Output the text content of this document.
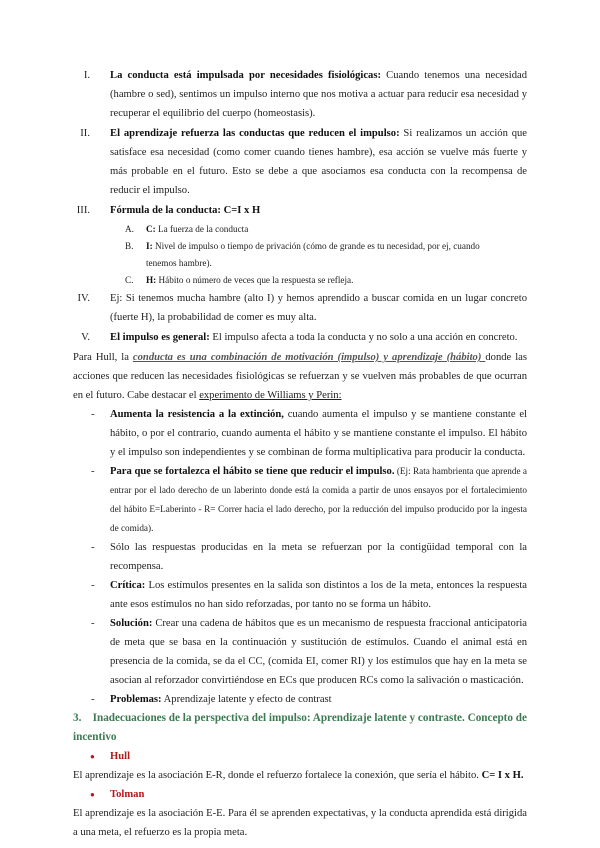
I. La conducta está impulsada por necesidades fisiológicas: Cuando tenemos una necesidad (hambre o sed), sentimos un impulso interno que nos motiva a actuar para reducir esa necesidad y recuperar el equilibrio del cuerpo (homeostasis).
II. El aprendizaje refuerza las conductas que reducen el impulso: Si realizamos un acción que satisface esa necesidad (como comer cuando tienes hambre), esa acción se vuelve más fuerte y más probable en el futuro. Esto se debe a que asociamos esa conducta con la recompensa de reducir el impulso.
III. Fórmula de la conducta: C=I x H
A. C: La fuerza de la conducta
B. I: Nivel de impulso o tiempo de privación (cómo de grande es tu necesidad, por ej, cuando tenemos hambre).
C. H: Hábito o número de veces que la respuesta se refleja.
IV. Ej: Si tenemos mucha hambre (alto I) y hemos aprendido a buscar comida en un lugar concreto (fuerte H), la probabilidad de comer es muy alta.
V. El impulso es general: El impulso afecta a toda la conducta y no solo a una acción en concreto.
Para Hull, la conducta es una combinación de motivación (impulso) y aprendizaje (hábito) donde las acciones que reducen las necesidades fisiológicas se refuerzan y se vuelven más probables de que ocurran en el futuro. Cabe destacar el experimento de Williams y Perin:
- Aumenta la resistencia a la extinción, cuando aumenta el impulso y se mantiene constante el hábito, o por el contrario, cuando aumenta el hábito y se mantiene constante el impulso. El hábito y el impulso son independientes y se combinan de forma multiplicativa para producir la conducta.
- Para que se fortalezca el hábito se tiene que reducir el impulso. (Ej: Rata hambrienta que aprende a entrar por el lado derecho de un laberinto donde está la comida a partir de unos ensayos por el fortalecimiento del hábito E=Laberinto - R= Correr hacia el lado derecho, por la reducción del impulso producido por la ingesta de comida).
- Sólo las respuestas producidas en la meta se refuerzan por la contigüidad temporal con la recompensa.
- Crítica: Los estímulos presentes en la salida son distintos a los de la meta, entonces la respuesta ante esos estímulos no han sido reforzadas, por tanto no se forma un hábito.
- Solución: Crear una cadena de hábitos que es un mecanismo de respuesta fraccional anticipatoria de meta que se basa en la continuación y sustitución de estímulos. Cuando el animal está en presencia de la comida, se da el CC, (comida EI, comer RI) y los estímulos que hay en la meta se asocian al reforzador convirtiéndose en ECs que producen RCs como la salivación o masticación.
- Problemas: Aprendizaje latente y efecto de contrast
3. Inadecuaciones de la perspectiva del impulso: Aprendizaje latente y contraste. Concepto de incentivo
● Hull
El aprendizaje es la asociación E-R, donde el refuerzo fortalece la conexión, que sería el hábito. C= I x H.
● Tolman
El aprendizaje es la asociación E-E. Para él se aprenden expectativas, y la conducta aprendida está dirigida a una meta, el refuerzo es la propia meta.
